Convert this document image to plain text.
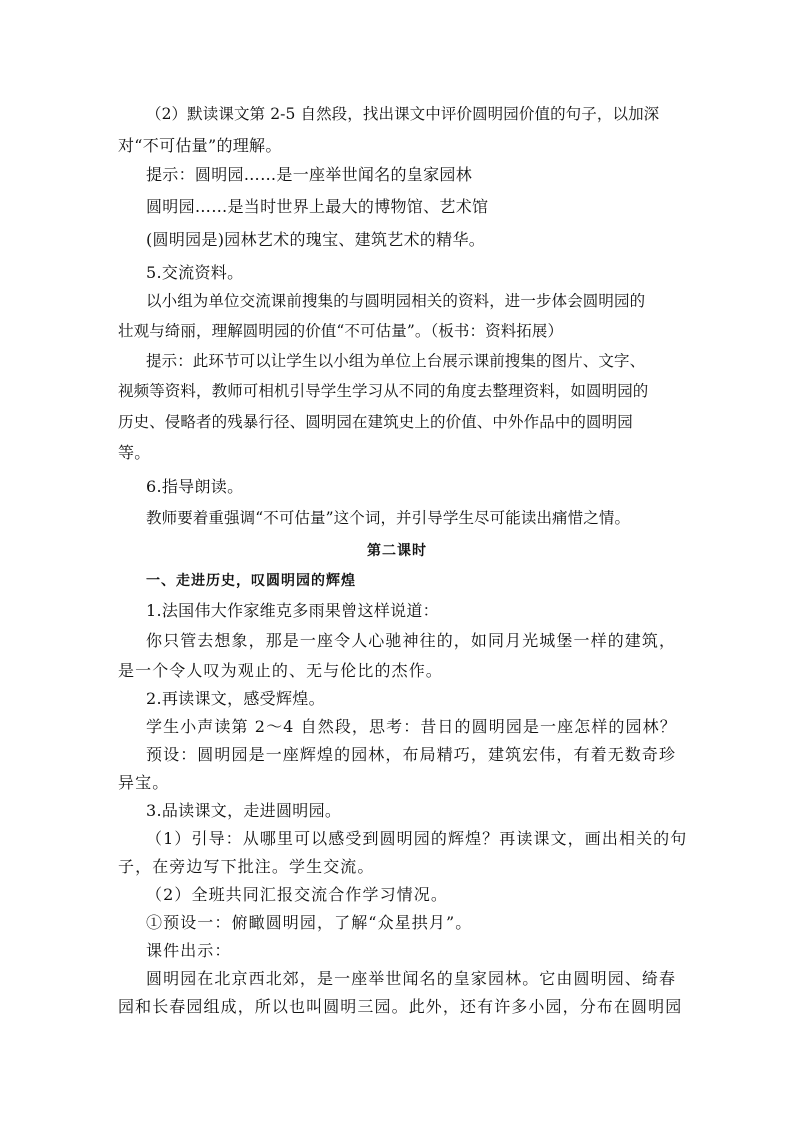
（2）默读课文第 2-5 自然段，找出课文中评价圆明园价值的句子，以加深
对“不可估量”的理解。
提示：圆明园……是一座举世闻名的皇家园林
圆明园……是当时世界上最大的博物馆、艺术馆
(圆明园是)园林艺术的瑰宝、建筑艺术的精华。
5.交流资料。
以小组为单位交流课前搜集的与圆明园相关的资料，进一步体会圆明园的
壮观与绮丽，理解圆明园的价值“不可估量”。（板书：资料拓展）
提示：此环节可以让学生以小组为单位上台展示课前搜集的图片、文字、
视频等资料，教师可相机引导学生学习从不同的角度去整理资料，如圆明园的
历史、侵略者的残暴行径、圆明园在建筑史上的价值、中外作品中的圆明园
等。
6.指导朗读。
教师要着重强调“不可估量”这个词，并引导学生尽可能读出痛惜之情。
第二课时
一、走进历史，叹圆明园的辉煌
1.法国伟大作家维克多雨果曾这样说道：
你只管去想象，那是一座令人心驰神往的，如同月光城堡一样的建筑，
是一个令人叹为观止的、无与伦比的杰作。
2.再读课文，感受辉煌。
学生小声读第 2～4 自然段，思考：昔日的圆明园是一座怎样的园林？
预设：圆明园是一座辉煌的园林，布局精巧，建筑宏伟，有着无数奇珍
异宝。
3.品读课文，走进圆明园。
（1）引导：从哪里可以感受到圆明园的辉煌？再读课文，画出相关的句
子，在旁边写下批注。学生交流。
（2）全班共同汇报交流合作学习情况。
①预设一：俯瞰圆明园，了解“众星拱月”。
课件出示：
圆明园在北京西北郊，是一座举世闻名的皇家园林。它由圆明园、绮春
园和长春园组成，所以也叫圆明三园。此外，还有许多小园，分布在圆明园
